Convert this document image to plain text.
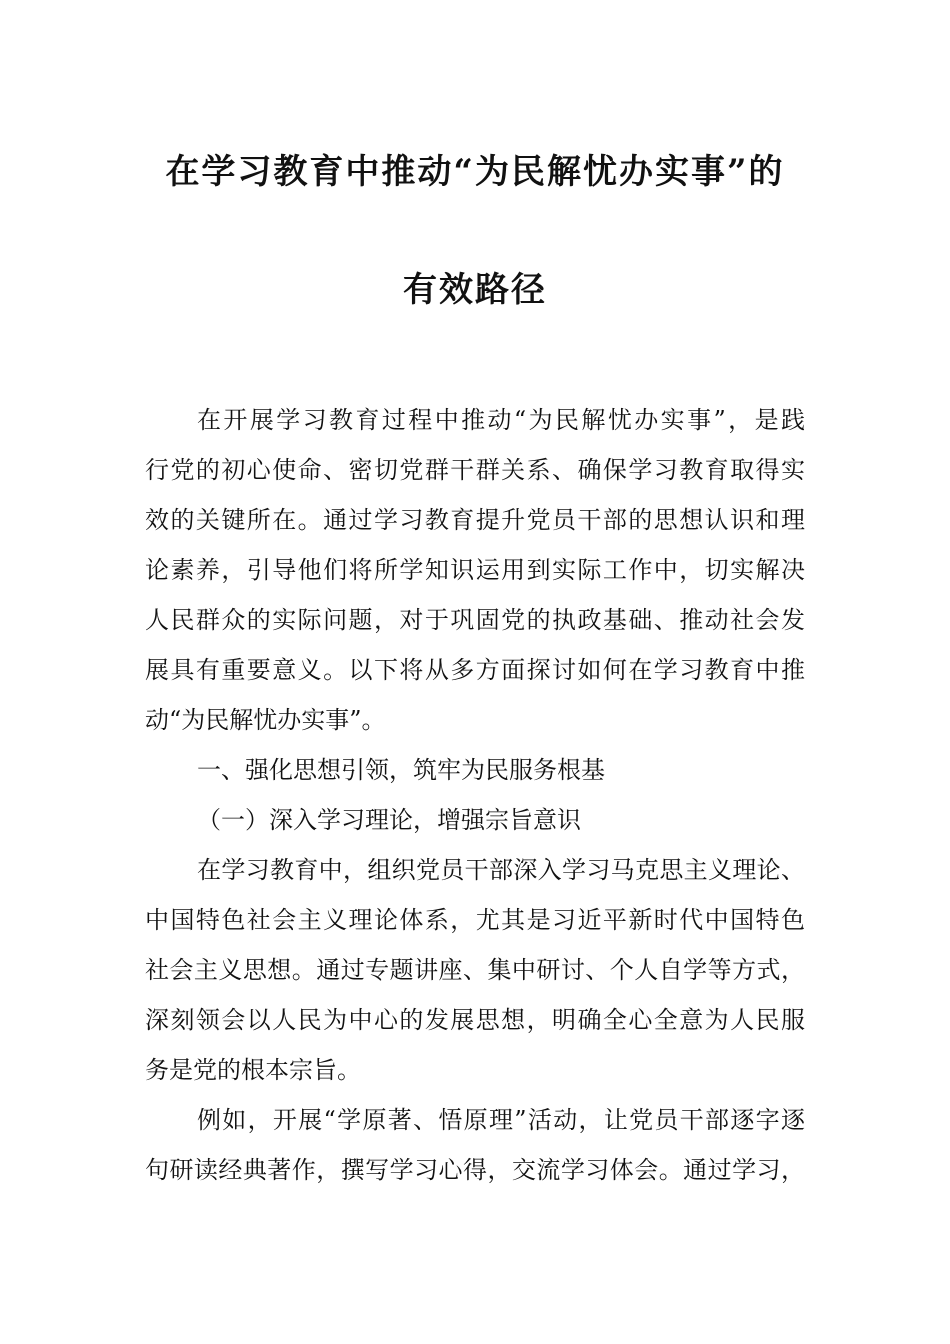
在学习教育中推动“为民解忧办实事”的
有效路径
在开展学习教育过程中推动“为民解忧办实事”，是践
行党的初心使命、密切党群干群关系、确保学习教育取得实
效的关键所在。通过学习教育提升党员干部的思想认识和理
论素养，引导他们将所学知识运用到实际工作中，切实解决
人民群众的实际问题，对于巩固党的执政基础、推动社会发
展具有重要意义。以下将从多方面探讨如何在学习教育中推
动“为民解忧办实事”。
一、强化思想引领，筑牢为民服务根基
（一）深入学习理论，增强宗旨意识
在学习教育中，组织党员干部深入学习马克思主义理论、
中国特色社会主义理论体系，尤其是习近平新时代中国特色
社会主义思想。通过专题讲座、集中研讨、个人自学等方式，
深刻领会以人民为中心的发展思想，明确全心全意为人民服
务是党的根本宗旨。
例如，开展“学原著、悟原理”活动，让党员干部逐字逐
句研读经典著作，撰写学习心得，交流学习体会。通过学习，
